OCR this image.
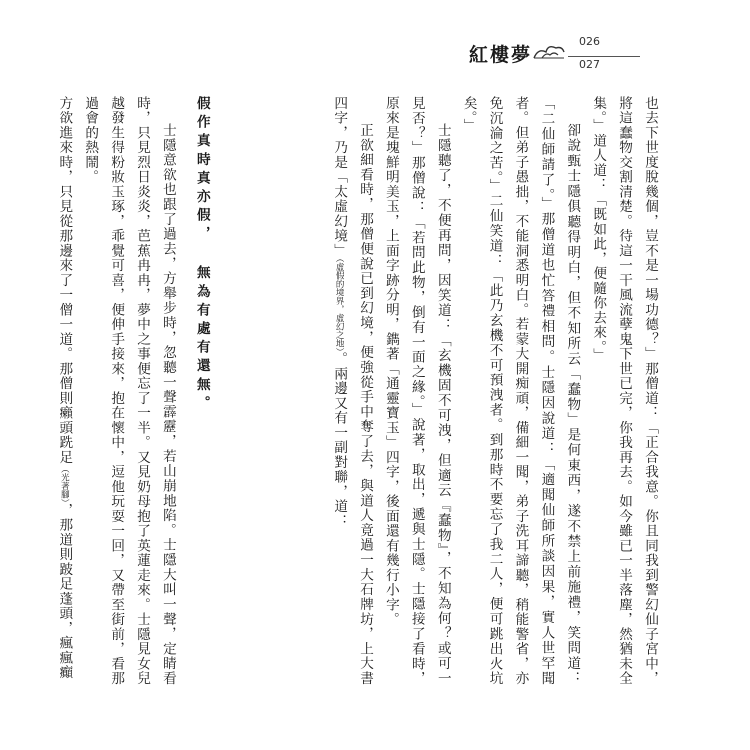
紅樓夢
026
027
也去下世度脫幾個，豈不是一場功德？」那僧道：「正合我意。你且同我到警幻仙子宮中，將這蠢物交割清楚。待這一干風流孽鬼下世已完，你我再去。如今雖已一半落塵，然猶未全集。」道人道：「既如此，便隨你去來。」
卻說甄士隱俱聽得明白，但不知所云「蠢物」是何東西，遂不禁上前施禮，笑問道：「二仙師請了。」那僧道也忙答禮相問。士隱因說道：「適聞仙師所談因果，實人世罕聞者。但弟子愚拙，不能洞悉明白。若蒙大開痴頑，備細一聞，弟子洗耳諦聽，稍能警省，亦免沉淪之苦。」二仙笑道：「此乃玄機不可預洩者。到那時不要忘了我二人，便可跳出火坑矣。」
士隱聽了，不便再問，因笑道：「玄機固不可洩，但適云『蠢物』，不知為何？或可一見否？」那僧說：「若問此物，倒有一面之緣。」說著，取出，遞與士隱。士隱接了看時，原來是塊鮮明美玉，上面字跡分明，鐫著「通靈寶玉」四字，後面還有幾行小字。
正欲細看時，那僧便說已到幻境，便強從手中奪了去，與道人竟過一大石牌坊，上大書四字，乃是「太虛幻境」（虛假的境界，虛幻之地）。兩邊又有一副對聯，道：
假作真時真亦假，無為有處有還無。
士隱意欲也跟了過去，方舉步時，忽聽一聲霹靂，若山崩地陷。士隱大叫一聲，定睛看時，只見烈日炎炎，芭蕉冉冉，夢中之事便忘了一半。又見奶母抱了英蓮走來。士隱見女兒越發生得粉妝玉琢，乖覺可喜，便伸手接來，抱在懷中，逗他玩耍一回，又帶至街前，看那過會的熱鬧。
方欲進來時，只見從那邊來了一僧一道。那僧則癩頭跣足（光著腳），那道則跛足蓬頭，瘋瘋癲
